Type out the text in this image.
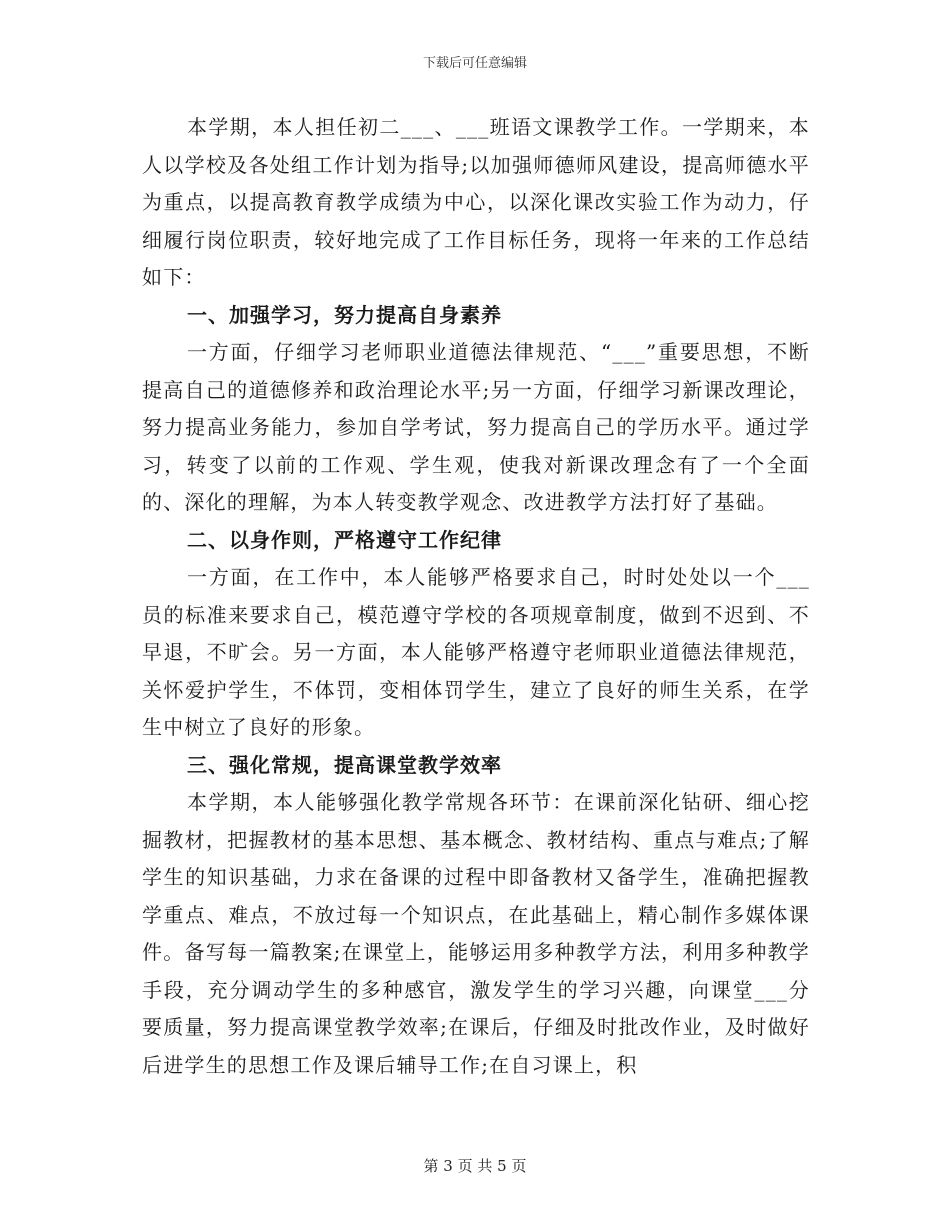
下载后可任意编辑

本学期，本人担任初二___、___班语文课教学工作。一学期来，本人以学校及各处组工作计划为指导;以加强师德师风建设，提高师德水平为重点，以提高教育教学成绩为中心，以深化课改实验工作为动力，仔细履行岗位职责，较好地完成了工作目标任务，现将一年来的工作总结如下：

一、加强学习，努力提高自身素养

一方面，仔细学习老师职业道德法律规范、“___”重要思想，不断提高自己的道德修养和政治理论水平;另一方面，仔细学习新课改理论，努力提高业务能力，参加自学考试，努力提高自己的学历水平。通过学习，转变了以前的工作观、学生观，使我对新课改理念有了一个全面的、深化的理解，为本人转变教学观念、改进教学方法打好了基础。

二、以身作则，严格遵守工作纪律

一方面，在工作中，本人能够严格要求自己，时时处处以一个___员的标准来要求自己，模范遵守学校的各项规章制度，做到不迟到、不早退，不旷会。另一方面，本人能够严格遵守老师职业道德法律规范，关怀爱护学生，不体罚，变相体罚学生，建立了良好的师生关系，在学生中树立了良好的形象。

三、强化常规，提高课堂教学效率

本学期，本人能够强化教学常规各环节：在课前深化钻研、细心挖掘教材，把握教材的基本思想、基本概念、教材结构、重点与难点;了解学生的知识基础，力求在备课的过程中即备教材又备学生，准确把握教学重点、难点，不放过每一个知识点，在此基础上，精心制作多媒体课件。备写每一篇教案;在课堂上，能够运用多种教学方法，利用多种教学手段，充分调动学生的多种感官，激发学生的学习兴趣，向课堂___分要质量，努力提高课堂教学效率;在课后，仔细及时批改作业，及时做好后进学生的思想工作及课后辅导工作;在自习课上，积

第 3 页 共 5 页
